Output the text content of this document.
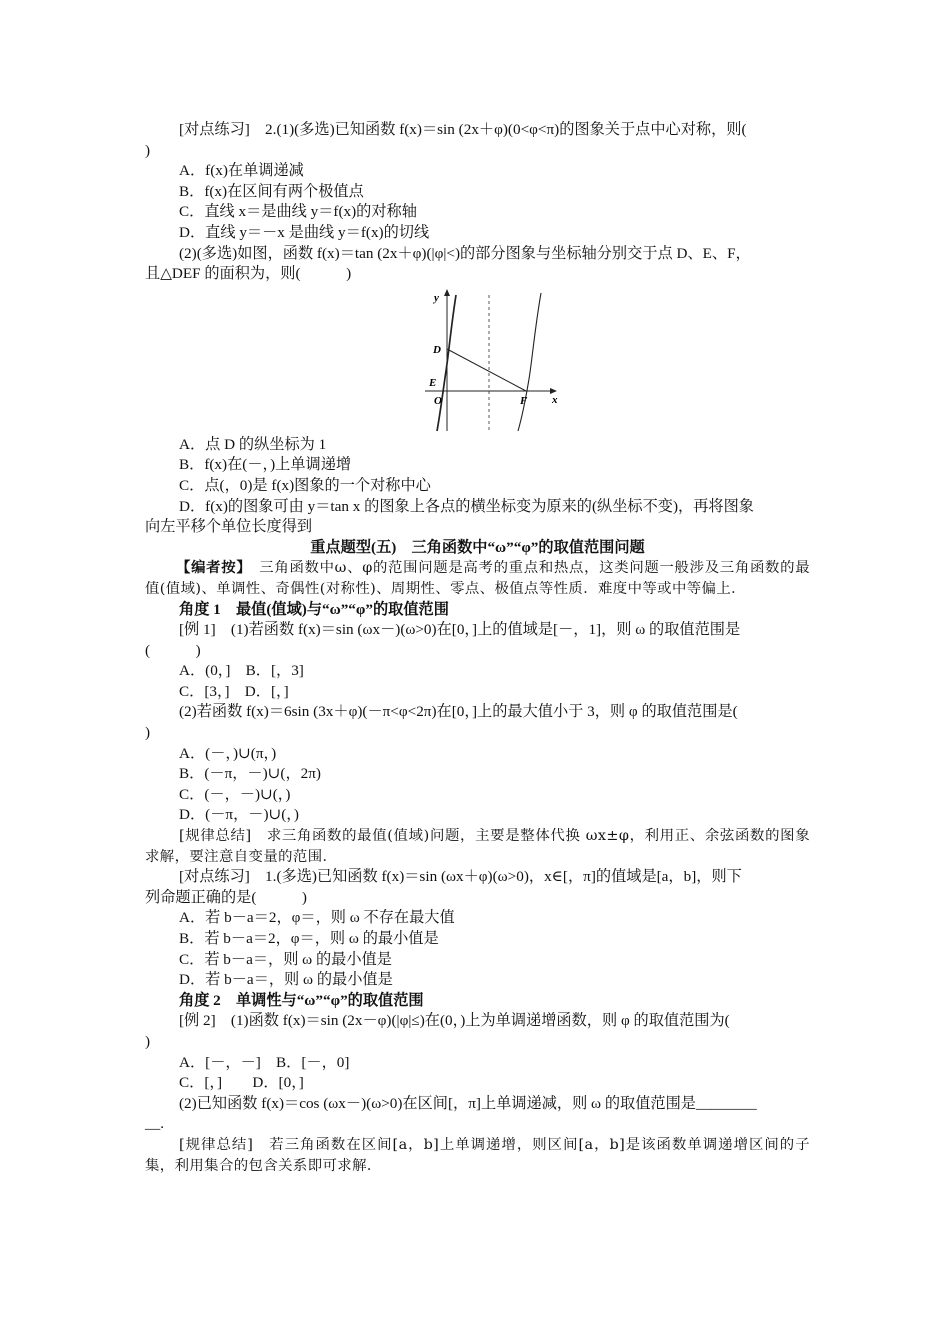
[对点练习]　2.(1)(多选)已知函数 f(x)＝sin (2x＋φ)(0<φ<π)的图象关于点中心对称，则(
)
A．f(x)在单调递减
B．f(x)在区间有两个极值点
C．直线 x＝是曲线 y＝f(x)的对称轴
D．直线 y＝－x 是曲线 y＝f(x)的切线
(2)(多选)如图，函数 f(x)＝tan (2x＋φ)(|φ|<)的部分图象与坐标轴分别交于点 D、E、F，
且△DEF 的面积为，则(　　　)
y
x
D
E
O	F
A．点 D 的纵坐标为 1
B．f(x)在(－，)上单调递增
C．点(，0)是 f(x)图象的一个对称中心
D．f(x)的图象可由 y＝tan x 的图象上各点的横坐标变为原来的(纵坐标不变)，再将图象
向左平移个单位长度得到
重点题型(五)　三角函数中“ω”“φ”的取值范围问题
【编者按】　三角函数中ω、φ的范围问题是高考的重点和热点，这类问题一般涉及三角函数的最值(值域)、单调性、奇偶性(对称性)、周期性、零点、极值点等性质．难度中等或中等偏上．
角度 1　最值(值域)与“ω”“φ”的取值范围
[例 1]　(1)若函数 f(x)＝sin (ωx－)(ω>0)在[0，]上的值域是[－，1]，则 ω 的取值范围是
(　　　)
A．(0，]　B．[，3]
C．[3，]　D．[，]
(2)若函数 f(x)＝6sin (3x＋φ)(－π<φ<2π)在[0，]上的最大值小于 3，则 φ 的取值范围是(
)
A．(－，)∪(π，)
B．(－π，－)∪(，2π)
C．(－，－)∪(，)
D．(－π，－)∪(，)
[规律总结]　求三角函数的最值(值域)问题，主要是整体代换 ωx±φ，利用正、余弦函数的图象求解，要注意自变量的范围．
[对点练习]　1.(多选)已知函数 f(x)＝sin (ωx＋φ)(ω>0)，x∈[，π]的值域是[a，b]，则下
列命题正确的是(　　　)
A．若 b－a＝2，φ＝，则 ω 不存在最大值
B．若 b－a＝2，φ＝，则 ω 的最小值是
C．若 b－a＝，则 ω 的最小值是
D．若 b－a＝，则 ω 的最小值是
角度 2　单调性与“ω”“φ”的取值范围
[例 2]　(1)函数 f(x)＝sin (2x－φ)(|φ|≤)在(0，)上为单调递增函数，则 φ 的取值范围为(
)
A．[－，－]　B．[－，0]
C．[，]　　D．[0，]
(2)已知函数 f(x)＝cos (ωx－)(ω>0)在区间[，π]上单调递减，则 ω 的取值范围是________
__.
[规律总结]　若三角函数在区间[a，b]上单调递增，则区间[a，b]是该函数单调递增区间的子集，利用集合的包含关系即可求解．
